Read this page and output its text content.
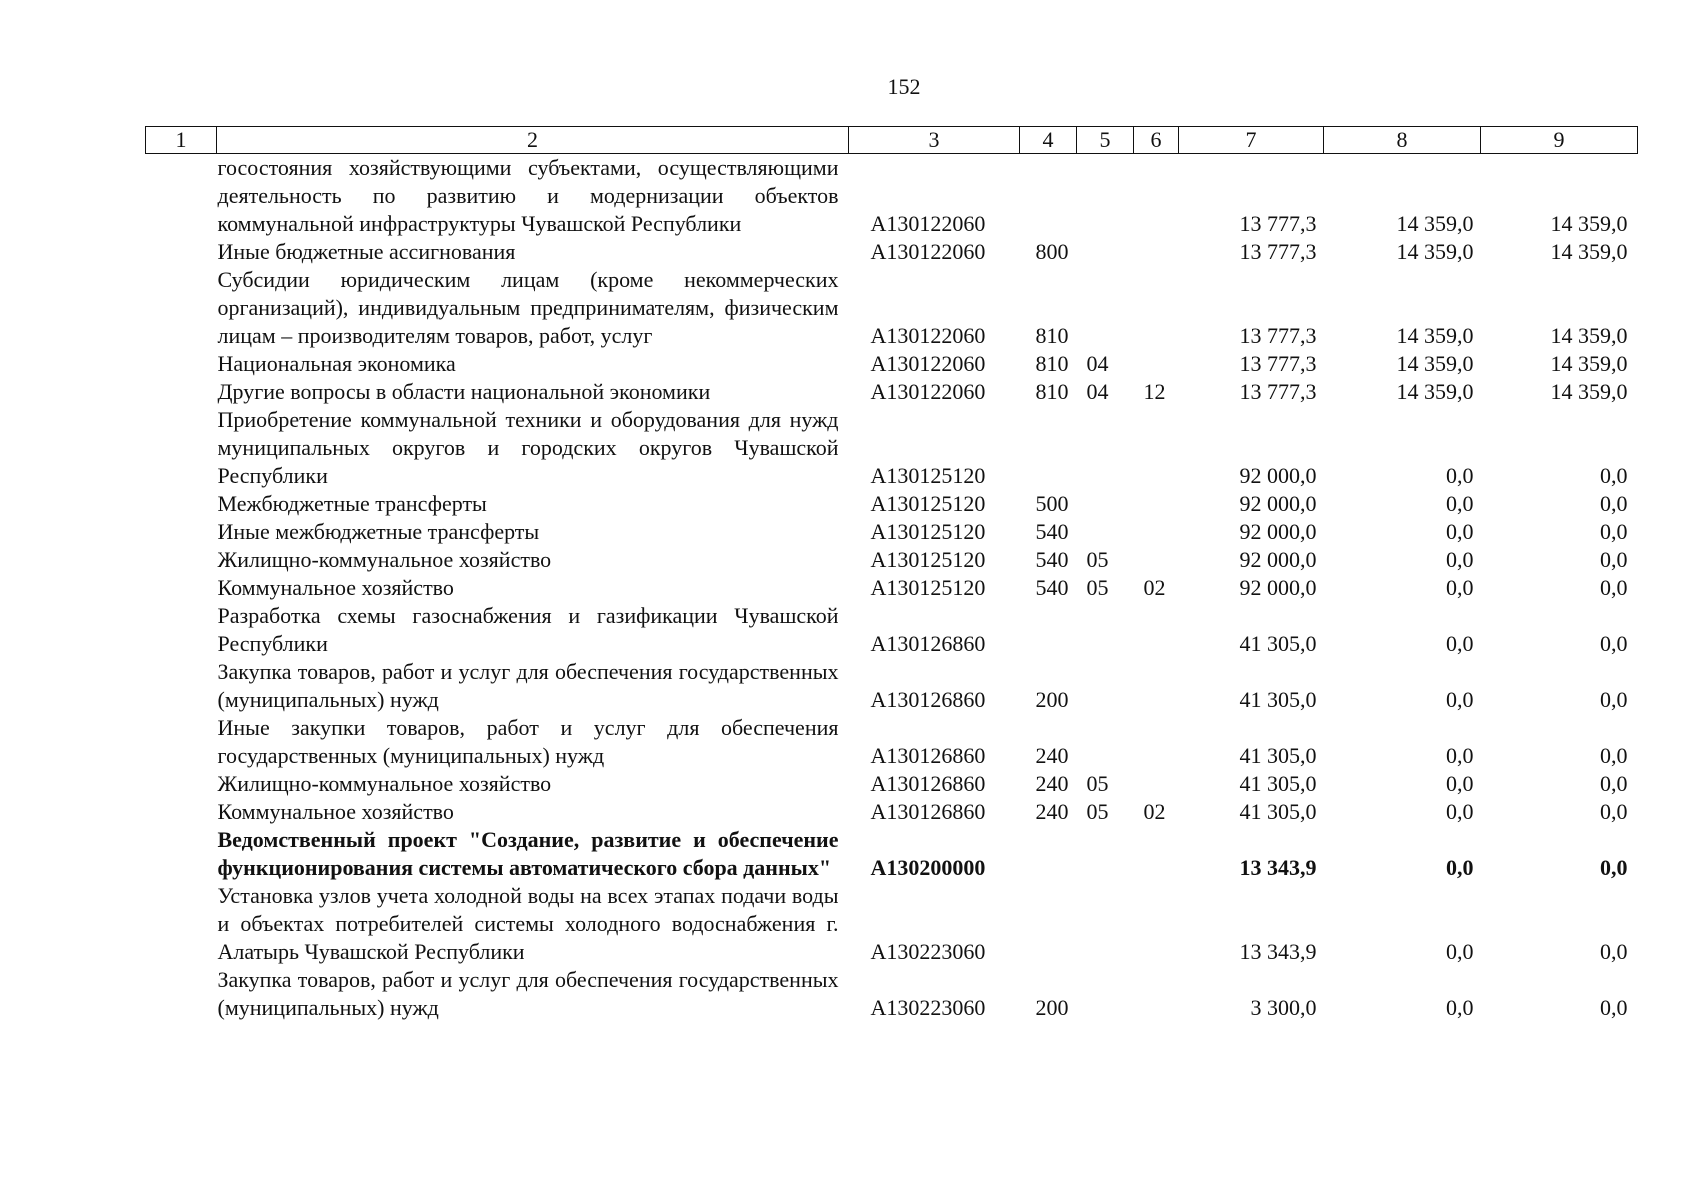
152
1	2	3	4	5	6	7	8	9
	госостояния хозяйствующими субъектами, осуществляющими деятельность по развитию и модернизации объектов коммунальной инфраструктуры Чувашской Республики	А130122060				13 777,3	14 359,0	14 359,0
	Иные бюджетные ассигнования	А130122060	800			13 777,3	14 359,0	14 359,0
	Субсидии юридическим лицам (кроме некоммерческих организаций), индивидуальным предпринимателям, физическим лицам – производителям товаров, работ, услуг	А130122060	810			13 777,3	14 359,0	14 359,0
	Национальная экономика	А130122060	810	04		13 777,3	14 359,0	14 359,0
	Другие вопросы в области национальной экономики	А130122060	810	04	12	13 777,3	14 359,0	14 359,0
	Приобретение коммунальной техники и оборудования для нужд муниципальных округов и городских округов Чувашской Республики	А130125120				92 000,0	0,0	0,0
	Межбюджетные трансферты	А130125120	500			92 000,0	0,0	0,0
	Иные межбюджетные трансферты	А130125120	540			92 000,0	0,0	0,0
	Жилищно-коммунальное хозяйство	А130125120	540	05		92 000,0	0,0	0,0
	Коммунальное хозяйство	А130125120	540	05	02	92 000,0	0,0	0,0
	Разработка схемы газоснабжения и газификации Чувашской Республики	А130126860				41 305,0	0,0	0,0
	Закупка товаров, работ и услуг для обеспечения государственных (муниципальных) нужд	А130126860	200			41 305,0	0,0	0,0
	Иные закупки товаров, работ и услуг для обеспечения государственных (муниципальных) нужд	А130126860	240			41 305,0	0,0	0,0
	Жилищно-коммунальное хозяйство	А130126860	240	05		41 305,0	0,0	0,0
	Коммунальное хозяйство	А130126860	240	05	02	41 305,0	0,0	0,0
	Ведомственный проект "Создание, развитие и обеспечение функционирования системы автоматического сбора данных"	А130200000				13 343,9	0,0	0,0
	Установка узлов учета холодной воды на всех этапах подачи воды и объектах потребителей системы холодного водоснабжения г. Алатырь Чувашской Республики	А130223060				13 343,9	0,0	0,0
	Закупка товаров, работ и услуг для обеспечения государственных (муниципальных) нужд	А130223060	200			3 300,0	0,0	0,0
